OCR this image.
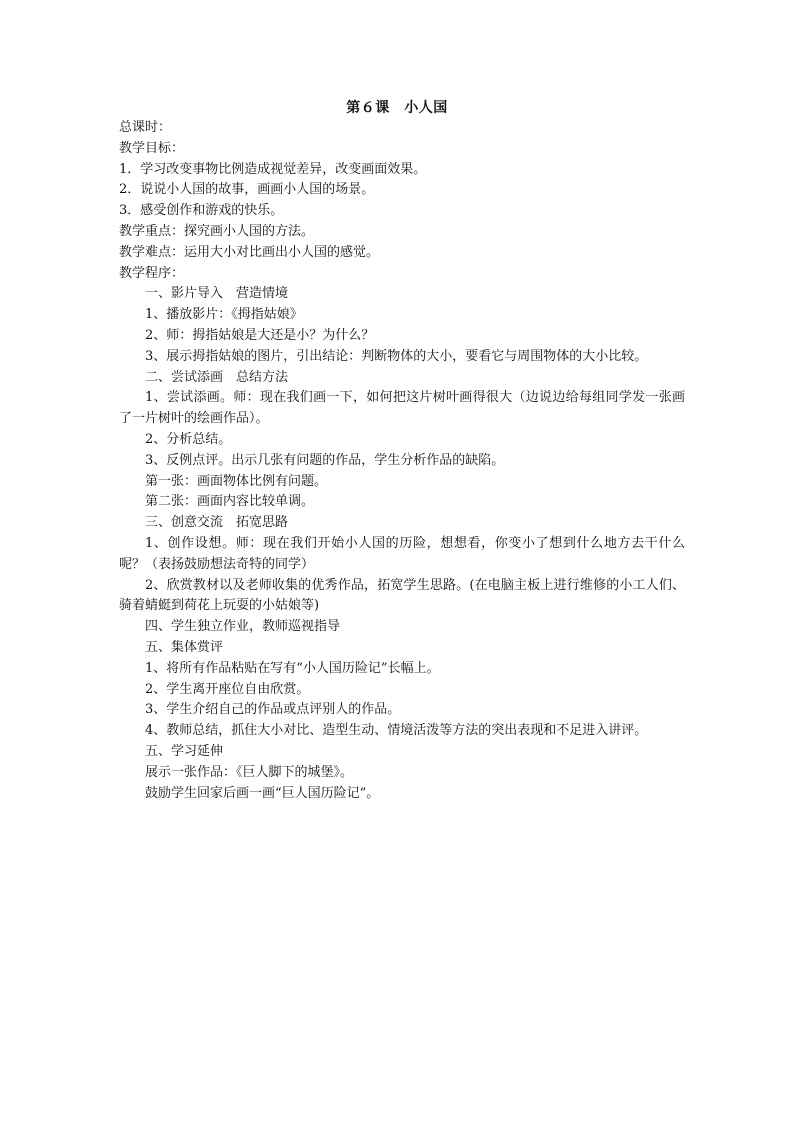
第６课　小人国

总课时：

教学目标：

1．学习改变事物比例造成视觉差异，改变画面效果。

2．说说小人国的故事，画画小人国的场景。

3．感受创作和游戏的快乐。

教学重点：探究画小人国的方法。

教学难点：运用大小对比画出小人国的感觉。

教学程序：

一、影片导入　营造情境

1、播放影片：《拇指姑娘》

2、师：拇指姑娘是大还是小？为什么？

3、展示拇指姑娘的图片，引出结论：判断物体的大小，要看它与周围物体的大小比较。

二、尝试添画　总结方法

1、尝试添画。师：现在我们画一下，如何把这片树叶画得很大（边说边给每组同学发一张画了一片树叶的绘画作品）。

2、分析总结。

3、反例点评。出示几张有问题的作品，学生分析作品的缺陷。

第一张：画面物体比例有问题。

第二张：画面内容比较单调。

三、创意交流　拓宽思路

1、创作设想。师：现在我们开始小人国的历险，想想看，你变小了想到什么地方去干什么呢？（表扬鼓励想法奇特的同学）

2、欣赏教材以及老师收集的优秀作品，拓宽学生思路。(在电脑主板上进行维修的小工人们、骑着蜻蜓到荷花上玩耍的小姑娘等)

四、学生独立作业，教师巡视指导

五、集体赏评

1、将所有作品粘贴在写有“小人国历险记”长幅上。

2、学生离开座位自由欣赏。

3、学生介绍自己的作品或点评别人的作品。

4、教师总结，抓住大小对比、造型生动、情境活泼等方法的突出表现和不足进入讲评。

五、学习延伸

展示一张作品：《巨人脚下的城堡》。

鼓励学生回家后画一画“巨人国历险记”。
